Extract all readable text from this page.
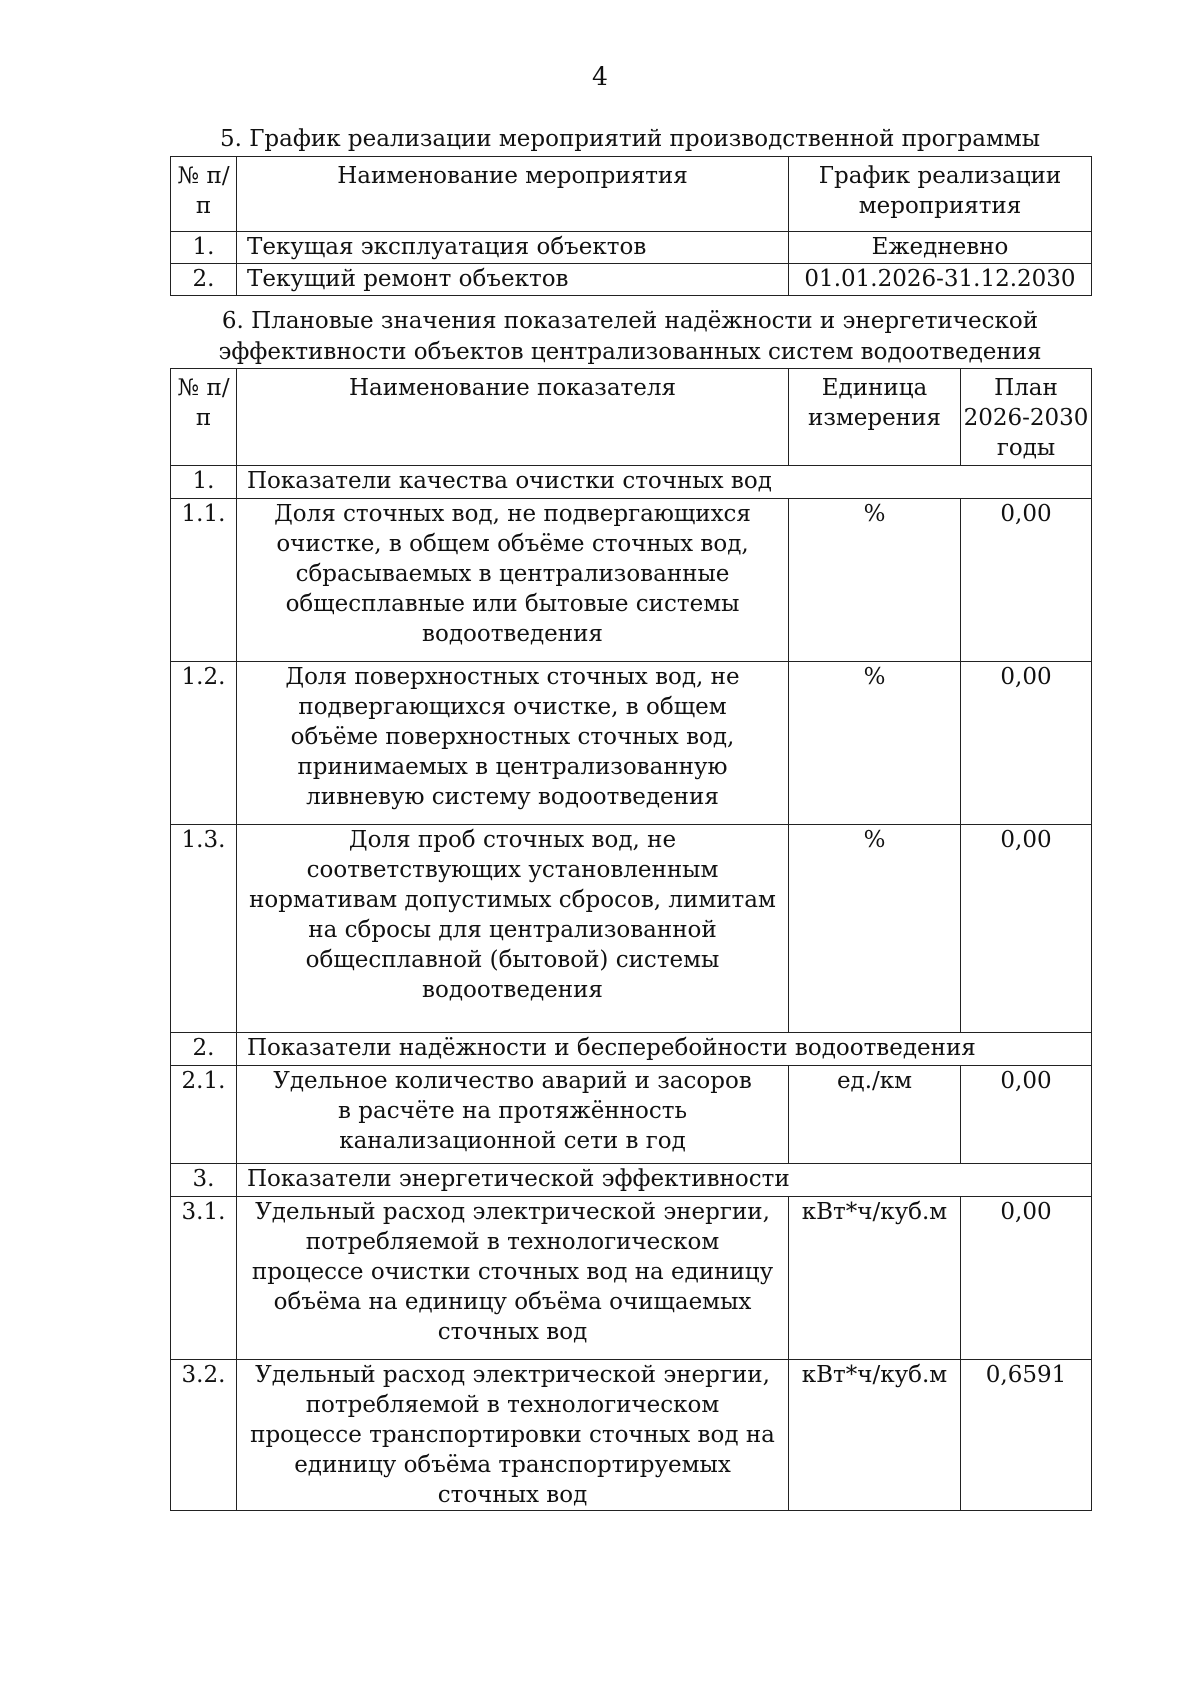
4
5. График реализации мероприятий производственной программы
№ п/п	Наименование мероприятия	График реализации мероприятия
1.	Текущая эксплуатация объектов	Ежедневно
2.	Текущий ремонт объектов	01.01.2026-31.12.2030
6. Плановые значения показателей надёжности и энергетической эффективности объектов централизованных систем водоотведения
№ п/п	Наименование показателя	Единица измерения	План 2026-2030 годы
1.	Показатели качества очистки сточных вод		
1.1.	Доля сточных вод, не подвергающихся очистке, в общем объёме сточных вод, сбрасываемых в централизованные общесплавные или бытовые системы водоотведения	%	0,00
1.2.	Доля поверхностных сточных вод, не подвергающихся очистке, в общем объёме поверхностных сточных вод, принимаемых в централизованную ливневую систему водоотведения	%	0,00
1.3.	Доля проб сточных вод, не соответствующих установленным нормативам допустимых сбросов, лимитам на сбросы для централизованной общесплавной (бытовой) системы водоотведения	%	0,00
2.	Показатели надёжности и бесперебойности водоотведения		
2.1.	Удельное количество аварий и засоров в расчёте на протяжённость канализационной сети в год	ед./км	0,00
3.	Показатели энергетической эффективности		
3.1.	Удельный расход электрической энергии, потребляемой в технологическом процессе очистки сточных вод на единицу объёма на единицу объёма очищаемых сточных вод	кВт*ч/куб.м	0,00
3.2.	Удельный расход электрической энергии, потребляемой в технологическом процессе транспортировки сточных вод на единицу объёма транспортируемых сточных вод	кВт*ч/куб.м	0,6591
